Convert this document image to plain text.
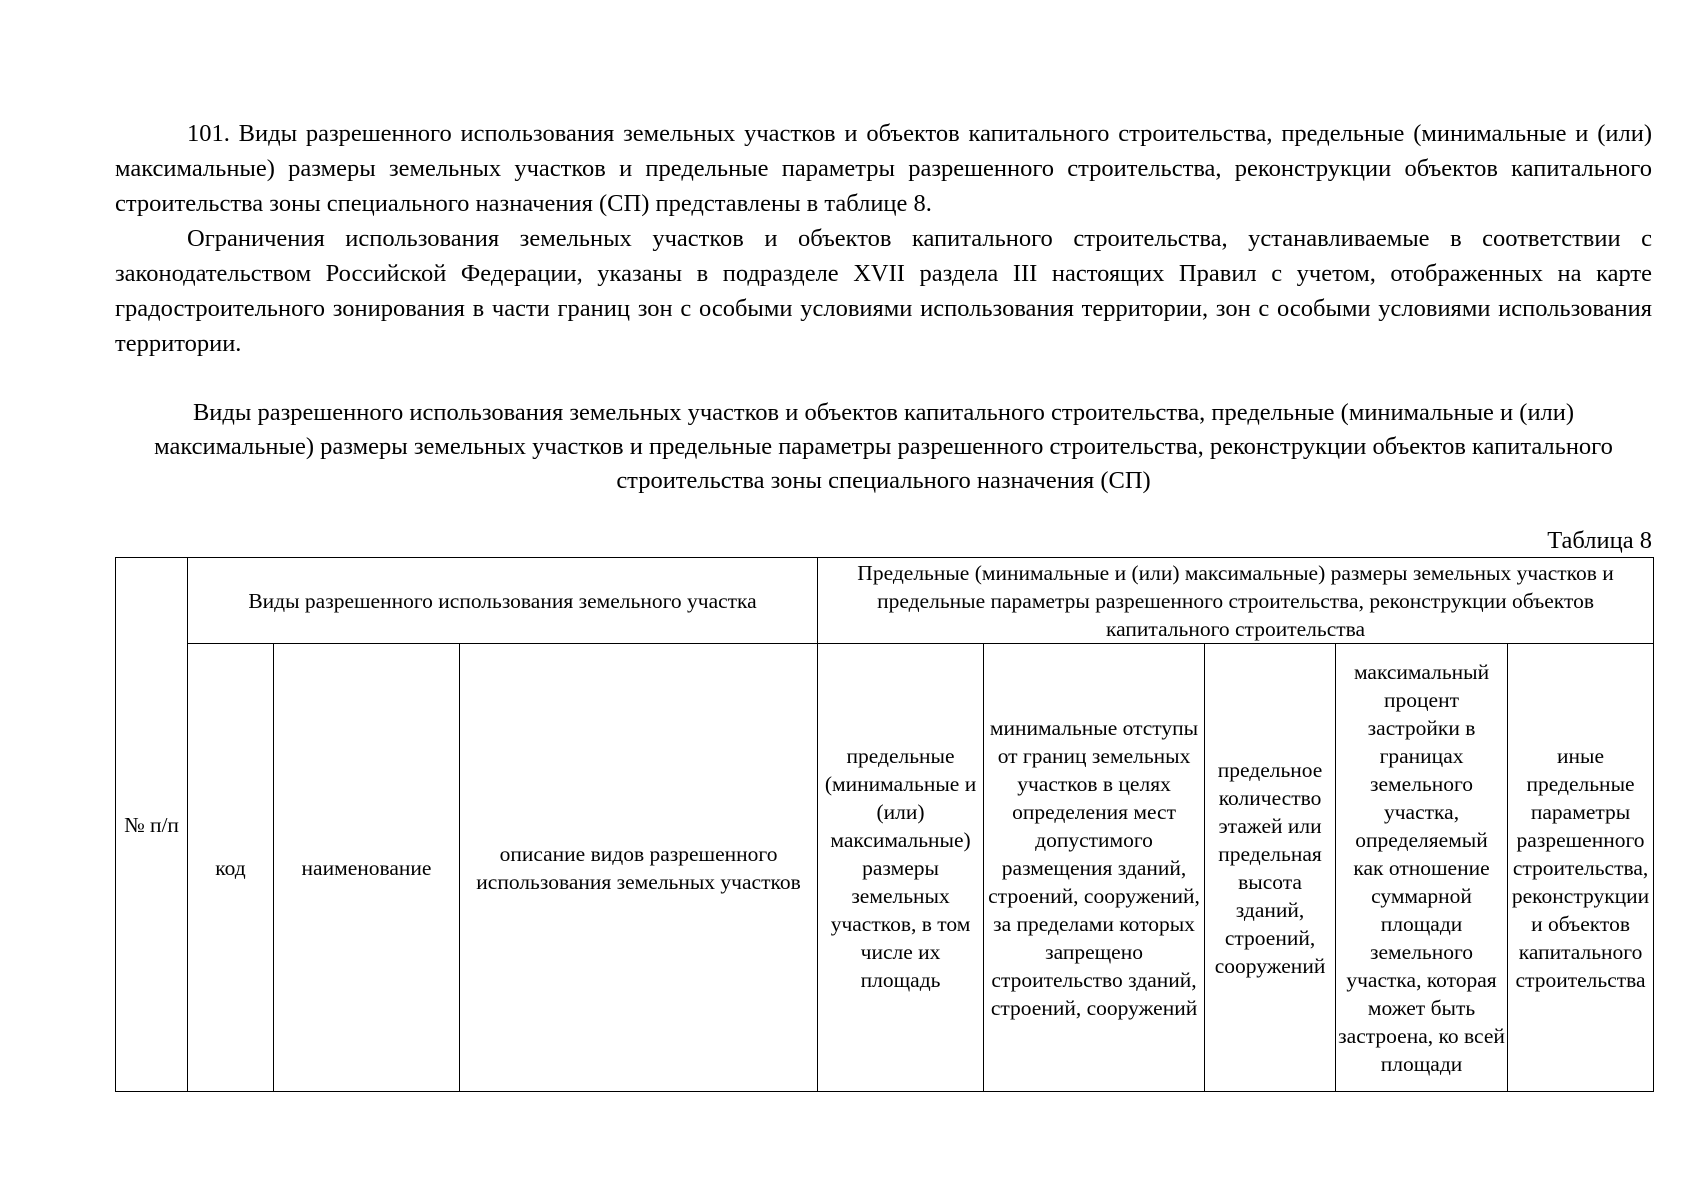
101. Виды разрешенного использования земельных участков и объектов капитального строительства, предельные (минимальные и (или) максимальные) размеры земельных участков и предельные параметры разрешенного строительства, реконструкции объектов капитального строительства зоны специального назначения (СП) представлены в таблице 8.

Ограничения использования земельных участков и объектов капитального строительства, устанавливаемые в соответствии с законодательством Российской Федерации, указаны в подразделе XVII раздела III настоящих Правил с учетом, отображенных на карте градостроительного зонирования в части границ зон с особыми условиями использования территории, зон с особыми условиями использования территории.

Виды разрешенного использования земельных участков и объектов капитального строительства, предельные (минимальные и (или) максимальные) размеры земельных участков и предельные параметры разрешенного строительства, реконструкции объектов капитального строительства зоны специального назначения (СП)

Таблица 8
№ п/п	Виды разрешенного использования земельного участка			Предельные (минимальные и (или) максимальные) размеры земельных участков и предельные параметры разрешенного строительства, реконструкции объектов капитального строительства				
	код	наименование	описание видов разрешенного использования земельных участков	предельные (минимальные и (или) максимальные) размеры земельных участков, в том числе их площадь	минимальные отступы от границ земельных участков в целях определения мест допустимого размещения зданий, строений, сооружений, за пределами которых запрещено строительство зданий, строений, сооружений	предельное количество этажей или предельная высота зданий, строений, сооружений	максимальный процент застройки в границах земельного участка, определяемый как отношение суммарной площади земельного участка, которая может быть застроена, ко всей площади	иные предельные параметры разрешенного строительства, реконструкции и объектов капитального строительства
